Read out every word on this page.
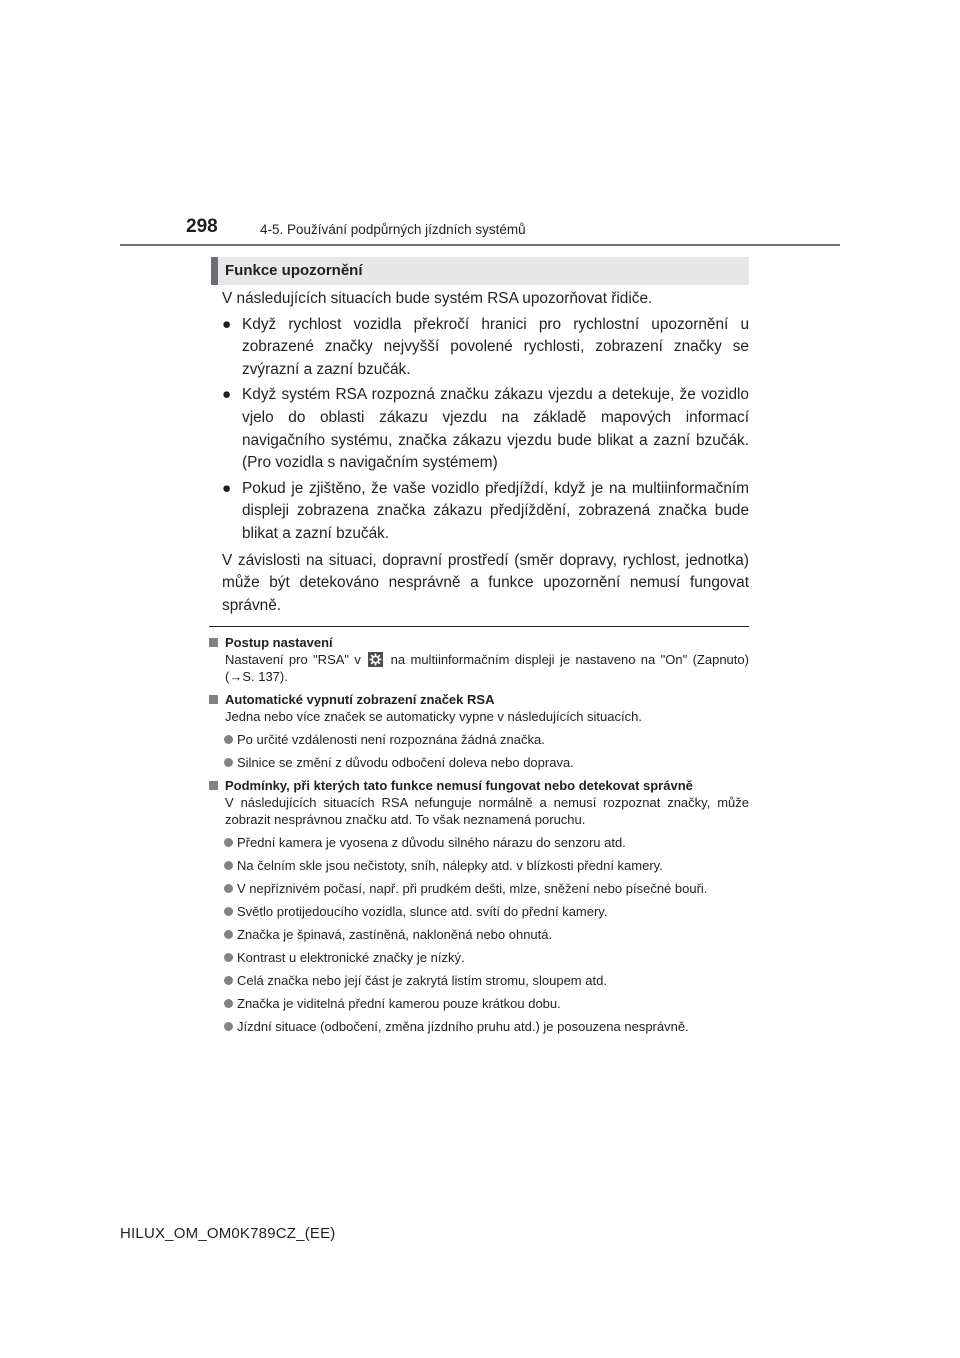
298	4-5. Používání podpůrných jízdních systémů
Funkce upozornění

V následujících situacích bude systém RSA upozorňovat řidiče.

● Když rychlost vozidla překročí hranici pro rychlostní upozornění u zobrazené značky nejvyšší povolené rychlosti, zobrazení značky se zvýrazní a zazní bzučák.
● Když systém RSA rozpozná značku zákazu vjezdu a detekuje, že vozidlo vjelo do oblasti zákazu vjezdu na základě mapových informací navigačního systému, značka zákazu vjezdu bude blikat a zazní bzučák. (Pro vozidla s navigačním systémem)
● Pokud je zjištěno, že vaše vozidlo předjíždí, když je na multiinformačním displeji zobrazena značka zákazu předjíždění, zobrazená značka bude blikat a zazní bzučák.

V závislosti na situaci, dopravní prostředí (směr dopravy, rychlost, jednotka) může být detekováno nesprávně a funkce upozornění nemusí fungovat správně.

Postup nastavení
Nastavení pro "RSA" v na multiinformačním displeji je nastaveno na "On" (Zapnuto) (→S. 137).
Automatické vypnutí zobrazení značek RSA
Jedna nebo více značek se automaticky vypne v následujících situacích.
Po určité vzdálenosti není rozpoznána žádná značka.
Silnice se změní z důvodu odbočení doleva nebo doprava.
Podmínky, při kterých tato funkce nemusí fungovat nebo detekovat správně
V následujících situacích RSA nefunguje normálně a nemusí rozpoznat značky, může zobrazit nesprávnou značku atd. To však neznamená poruchu.
Přední kamera je vyosena z důvodu silného nárazu do senzoru atd.
Na čelním skle jsou nečistoty, sníh, nálepky atd. v blízkosti přední kamery.
V nepříznivém počasí, např. při prudkém dešti, mlze, sněžení nebo písečné bouři.
Světlo protijedoucího vozidla, slunce atd. svítí do přední kamery.
Značka je špinavá, zastíněná, nakloněná nebo ohnutá.
Kontrast u elektronické značky je nízký.
Celá značka nebo její část je zakrytá listím stromu, sloupem atd.
Značka je viditelná přední kamerou pouze krátkou dobu.
Jízdní situace (odbočení, změna jízdního pruhu atd.) je posouzena nesprávně.
HILUX_OM_OM0K789CZ_(EE)
